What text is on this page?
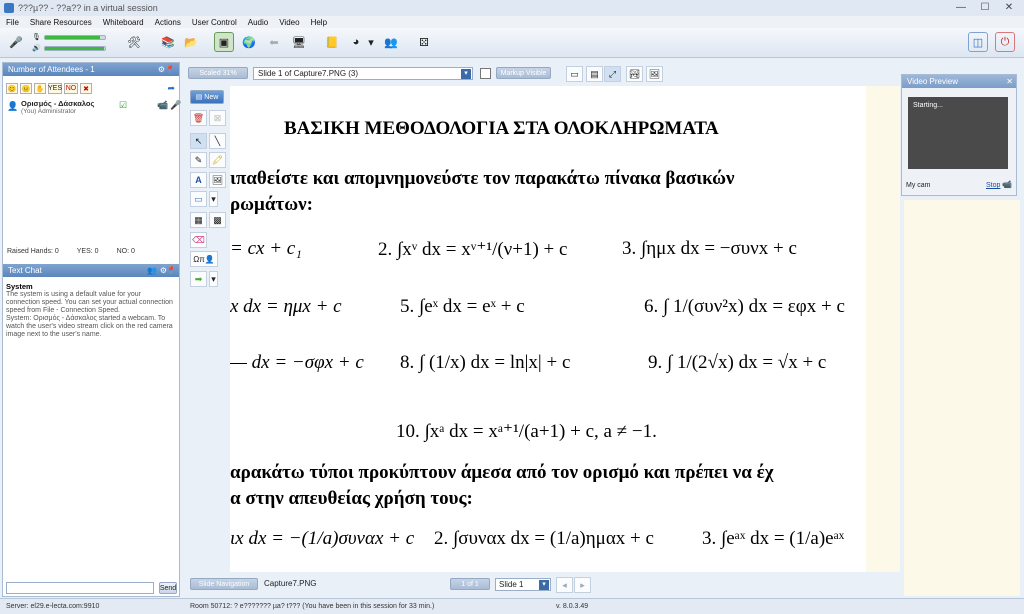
???µ?? - ??a?? in a virtual session	—	☐	✕
File Share Resources Whiteboard Actions User Control Audio Video Help
🎤	🎙
🔊	🛠 📚 📂	▣	🌍	⬅	🖥 📒	◕ ▾ 👥	⚄	◫	⏻
Number of Attendees - 1	⚙ 📍
😊 😐 ✋ YES NO ✖	➦
👤 Ορισμός - Δάσκαλος
(You) Administrator
☑	📹 🎤
Raised Hands: 0	YES: 0	NO: 0
Text Chat	👥 ⚙ 📍
System
The system is using a default value for your connection speed. You can set your actual connection speed from File - Connection Speed.
System: Ορισμός - Δάσκαλος started a webcam. To watch the user's video stream click on the red camera image next to the user's name.
Send
Scaled 31%	Slide 1 of Capture7.PNG (3)	▾	Markup Visible	▭	▤	⤢	🏞 🖼
▤ New
🗑	⊠
↖	╲
✎	🖍
A	🖼
▭ ▾
▦	▩
⌫
Ωπ 👤
➡ ▾
ΒΑΣΙΚΗ ΜΕΘΟΔΟΛΟΓΙΑ ΣΤΑ ΟΛΟΚΛΗΡΩΜΑΤΑ
ιπαθείστε και απομνημονεύστε τον παρακάτω πίνακα βασικών
ρωμάτων:
= cx + c₁	2. ∫xᵛ dx = xᵛ⁺¹/(ν+1) + c	3. ∫ημx dx = −συνx + c
x dx = ημx + c	5. ∫eˣ dx = eˣ + c	6. ∫ 1/(συν²x) dx = εφx + c
— dx = −σφx + c 8. ∫ (1/x) dx = ln|x| + c	9. ∫ 1/(2√x) dx = √x + c
10. ∫xᵃ dx = xᵃ⁺¹/(a+1) + c, a ≠ −1.
αρακάτω τύποι προκύπτουν άμεσα από τον ορισμό και πρέπει να έχ
α στην απευθείας χρήση τους:
ιx dx = −(1/a)συναx + c 2. ∫συναx dx = (1/a)ημαx + c	3. ∫eᵃˣ dx = (1/a)eᵃˣ
Slide Navigation	Capture7.PNG	1 of 1	Slide 1	▾	◂	▸
Video Preview	✕
Starting...
My cam	Stop 📹
Server: el29.e-lecta.com:9910	Room 50712: ? e??????? µa? t??? (You have been in this session for 33 min.)	v. 8.0.3.49
